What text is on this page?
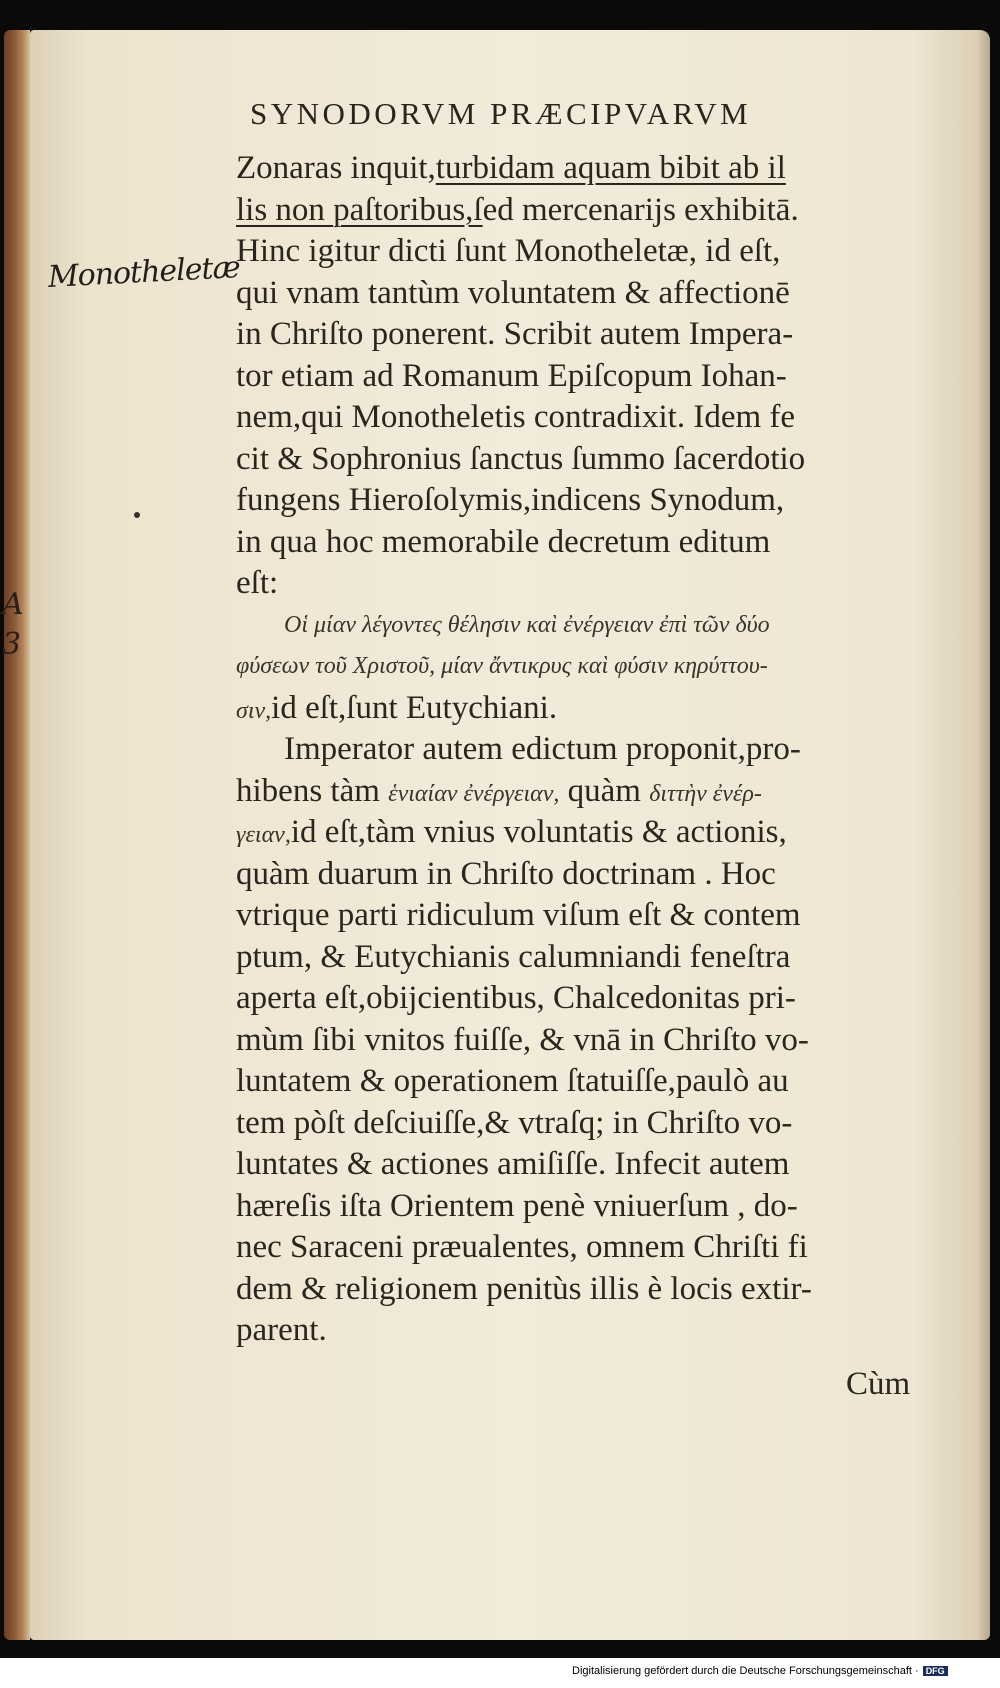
SYNODORVM PRÆCIPVARVM
Monotheletæ
A
3
Zonaras inquit,turbidam aquam bibit ab il
lis non paſtoribus,ſed mercenarijs exhibitā.
Hinc igitur dicti ſunt Monotheletæ, id eſt,
qui vnam tantùm voluntatem & affectionē
in Chriſto ponerent. Scribit autem Impera-
tor etiam ad Romanum Epiſcopum Iohan-
nem,qui Monotheletis contradixit. Idem fe
cit & Sophronius ſanctus ſummo ſacerdotio
fungens Hieroſolymis,indicens Synodum,
in qua hoc memorabile decretum editum
eſt:
Οἱ μίαν λέγοντες θέλησιν καὶ ἐνέργειαν ἐπὶ τῶν δύο
φύσεων τοῦ Χριστοῦ, μίαν ἄντικρυς καὶ φύσιν κηρύττου-
σιν,id eſt,ſunt Eutychiani.
Imperator autem edictum proponit,pro-
hibens tàm ἑνιαίαν ἐνέργειαν, quàm διττὴν ἐνέρ-
γειαν,id eſt,tàm vnius voluntatis & actionis,
quàm duarum in Chriſto doctrinam . Hoc
vtrique parti ridiculum viſum eſt & contem
ptum, & Eutychianis calumniandi feneſtra
aperta eſt,obijcientibus, Chalcedonitas pri-
mùm ſibi vnitos fuiſſe, & vnā in Chriſto vo-
luntatem & operationem ſtatuiſſe,paulò au
tem pòſt deſciuiſſe,& vtraſq; in Chriſto vo-
luntates & actiones amiſiſſe. Infecit autem
hæreſis iſta Orientem penè vniuerſum , do-
nec Saraceni præualentes, omnem Chriſti fi
dem & religionem penitùs illis è locis extir-
parent.
Cùm
Digitalisierung gefördert durch die Deutsche Forschungsgemeinschaft · DFG
